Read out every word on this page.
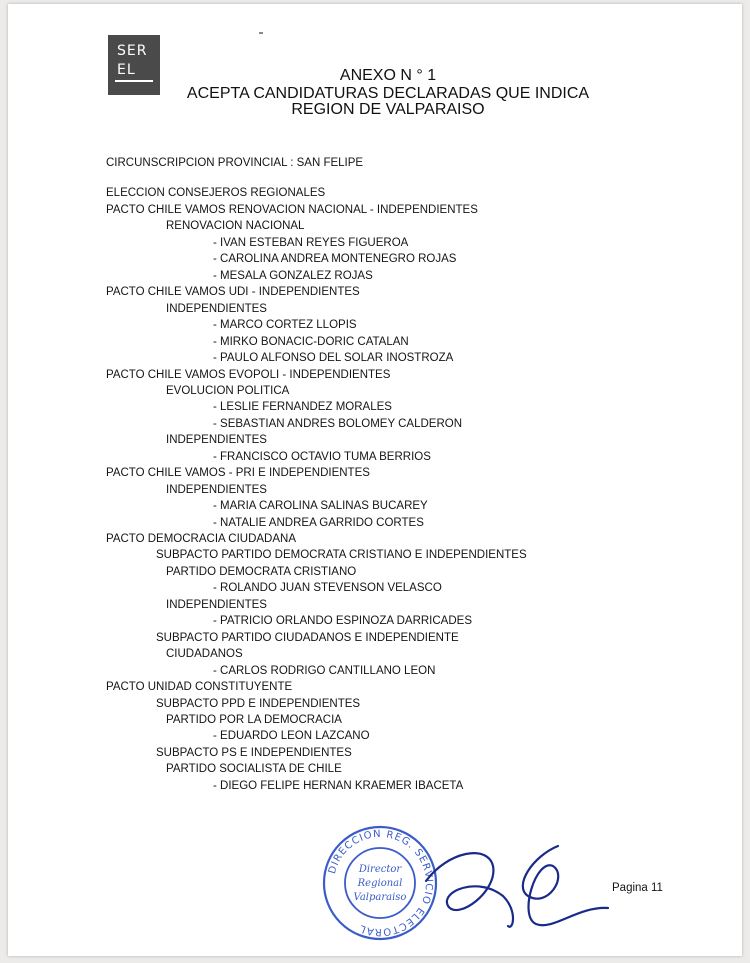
SER
EL	ANEXO N ° 1
ACEPTA CANDIDATURAS DECLARADAS QUE INDICA
REGION DE VALPARAISO
CIRCUNSCRIPCION PROVINCIAL : SAN FELIPE
ELECCION CONSEJEROS REGIONALES
PACTO CHILE VAMOS RENOVACION NACIONAL - INDEPENDIENTES
RENOVACION NACIONAL
- IVAN ESTEBAN REYES FIGUEROA
- CAROLINA ANDREA MONTENEGRO ROJAS
- MESALA GONZALEZ ROJAS
PACTO CHILE VAMOS UDI - INDEPENDIENTES
INDEPENDIENTES
- MARCO CORTEZ LLOPIS
- MIRKO BONACIC-DORIC CATALAN
- PAULO ALFONSO DEL SOLAR INOSTROZA
PACTO CHILE VAMOS EVOPOLI - INDEPENDIENTES
EVOLUCION POLITICA
- LESLIE FERNANDEZ MORALES
- SEBASTIAN ANDRES BOLOMEY CALDERON
INDEPENDIENTES
- FRANCISCO OCTAVIO TUMA BERRIOS
PACTO CHILE VAMOS - PRI E INDEPENDIENTES
INDEPENDIENTES
- MARIA CAROLINA SALINAS BUCAREY
- NATALIE ANDREA GARRIDO CORTES
PACTO DEMOCRACIA CIUDADANA
SUBPACTO PARTIDO DEMOCRATA CRISTIANO E INDEPENDIENTES
PARTIDO DEMOCRATA CRISTIANO
- ROLANDO JUAN STEVENSON VELASCO
INDEPENDIENTES
- PATRICIO ORLANDO ESPINOZA DARRICADES
SUBPACTO PARTIDO CIUDADANOS E INDEPENDIENTE
CIUDADANOS
- CARLOS RODRIGO CANTILLANO LEON
PACTO UNIDAD CONSTITUYENTE
SUBPACTO PPD E INDEPENDIENTES
PARTIDO POR LA DEMOCRACIA
- EDUARDO LEON LAZCANO
SUBPACTO PS E INDEPENDIENTES
PARTIDO SOCIALISTA DE CHILE
- DIEGO FELIPE HERNAN KRAEMER IBACETA
DIRECCION REG. SERVICIO ELECTORAL
Director
Regional
Valparaiso
Pagina 11
